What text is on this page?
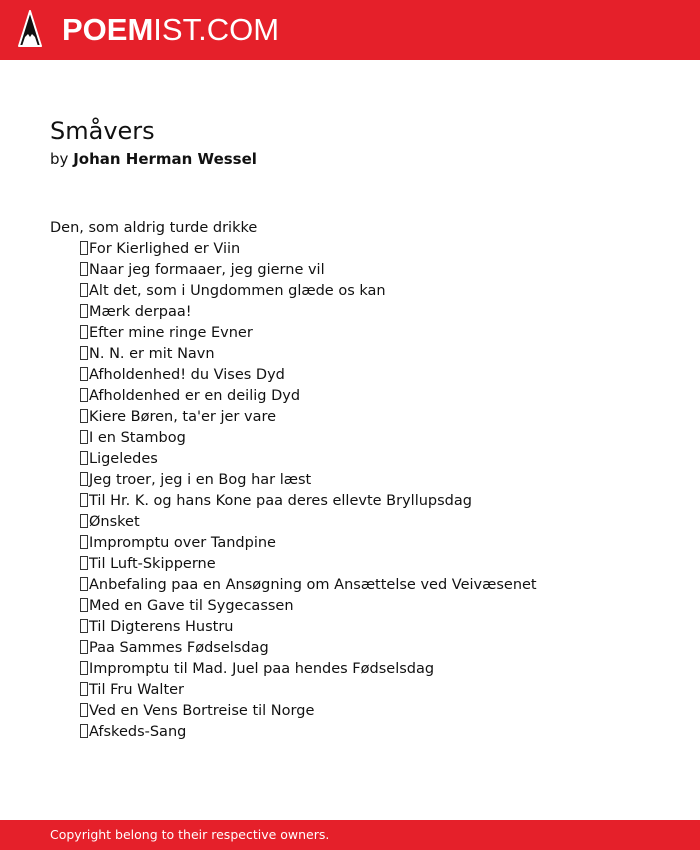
POEMIST.COM
Småvers
by Johan Herman Wessel
Den, som aldrig turde drikke
For Kierlighed er Viin
Naar jeg formaaer, jeg gierne vil
Alt det, som i Ungdommen glæde os kan
Mærk derpaa!
Efter mine ringe Evner
N. N. er mit Navn
Afholdenhed! du Vises Dyd
Afholdenhed er en deilig Dyd
Kiere Børen, ta'er jer vare
I en Stambog
Ligeledes
Jeg troer, jeg i en Bog har læst
Til Hr. K. og hans Kone paa deres ellevte Bryllupsdag
Ønsket
Impromptu over Tandpine
Til Luft-Skipperne
Anbefaling paa en Ansøgning om Ansættelse ved Veivæsenet
Med en Gave til Sygecassen
Til Digterens Hustru
Paa Sammes Fødselsdag
Impromptu til Mad. Juel paa hendes Fødselsdag
Til Fru Walter
Ved en Vens Bortreise til Norge
Afskeds-Sang
Copyright belong to their respective owners.
